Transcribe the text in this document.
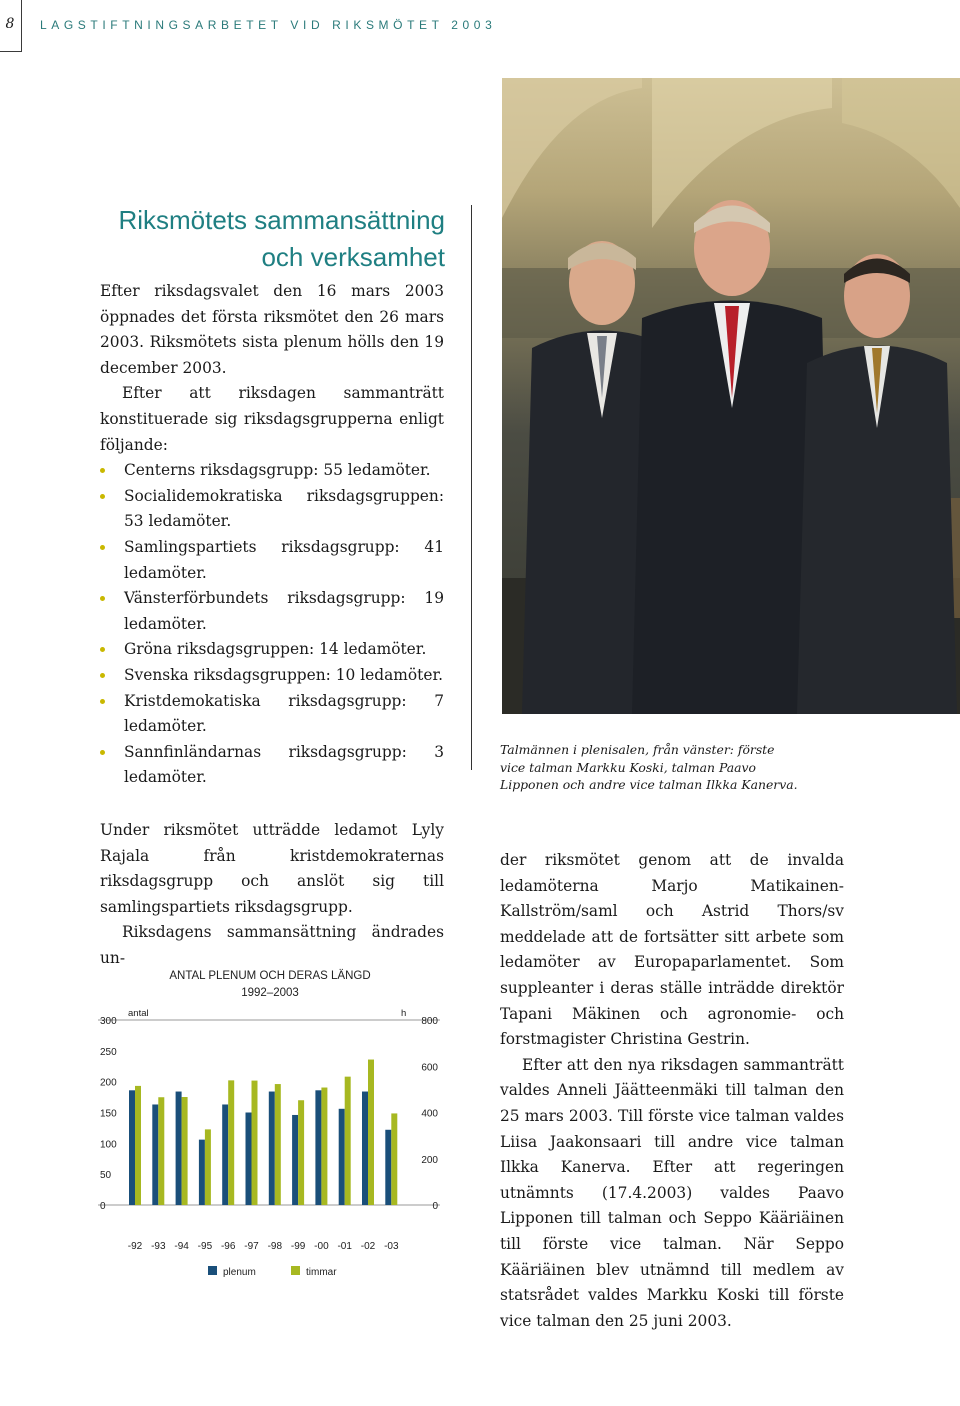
8	LAGSTIFTNINGSARBETET VID RIKSMÖTET 2003
Riksmötets sammansättning
och verksamhet

Efter riksdagsvalet den 16 mars 2003 öppnades det första riksmötet den 26 mars 2003. Riksmötets sista plenum hölls den 19 december 2003.

Efter att riksdagen sammanträtt konstituerade sig riksdagsgrupperna enligt följande:

Centerns riksdagsgrupp: 55 ledamöter.
Socialidemokratiska riksdagsgruppen: 53 ledamöter.
Samlingspartiets riksdagsgrupp: 41 ledamöter.
Vänsterförbundets riksdagsgrupp: 19 ledamöter.
Gröna riksdagsgruppen: 14 ledamöter.
Svenska riksdagsgruppen: 10 ledamöter.
Kristdemokatiska riksdagsgrupp: 7 ledamöter.
Sannfinländarnas riksdagsgrupp: 3 ledamöter.

Under riksmötet utträdde ledamot Lyly Rajala från kristdemokraternas riksdagsgrupp och anslöt sig till samlingspartiets riksdagsgrupp.

Riksdagens sammansättning ändrades un-

Talmännen i plenisalen, från vänster: förste vice talman Markku Koski, talman Paavo Lipponen och andre vice talman Ilkka Kanerva.

der riksmötet genom att de invalda ledamöterna Marjo Matikainen-Kallström/saml och Astrid Thors/sv meddelade att de fortsätter sitt arbete som ledamöter av Europaparlamentet. Som suppleanter i deras ställe inträdde direktör Tapani Mäkinen och agronomie- och forstmagister Christina Gestrin.

Efter att den nya riksdagen sammanträtt valdes Anneli Jäätteenmäki till talman den 25 mars 2003. Till förste vice talman valdes Liisa Jaakonsaari till andre vice talman Ilkka Kanerva. Efter att regeringen utnämnts (17.4.2003) valdes Paavo Lipponen till talman och Seppo Kääriäinen till förste vice talman. När Seppo Kääriäinen blev utnämnd till medlem av statsrådet valdes Markku Koski till förste vice talman den 25 juni 2003.

ANTAL PLENUM OCH DERAS LÄNGD
1992–2003
antal	h
0
50
100
150
200
250
300
0
200
400
600
800
-92 -93 -94 -95 -96 -97 -98 -99 -00 -01 -02 -03
plenum	timmar
